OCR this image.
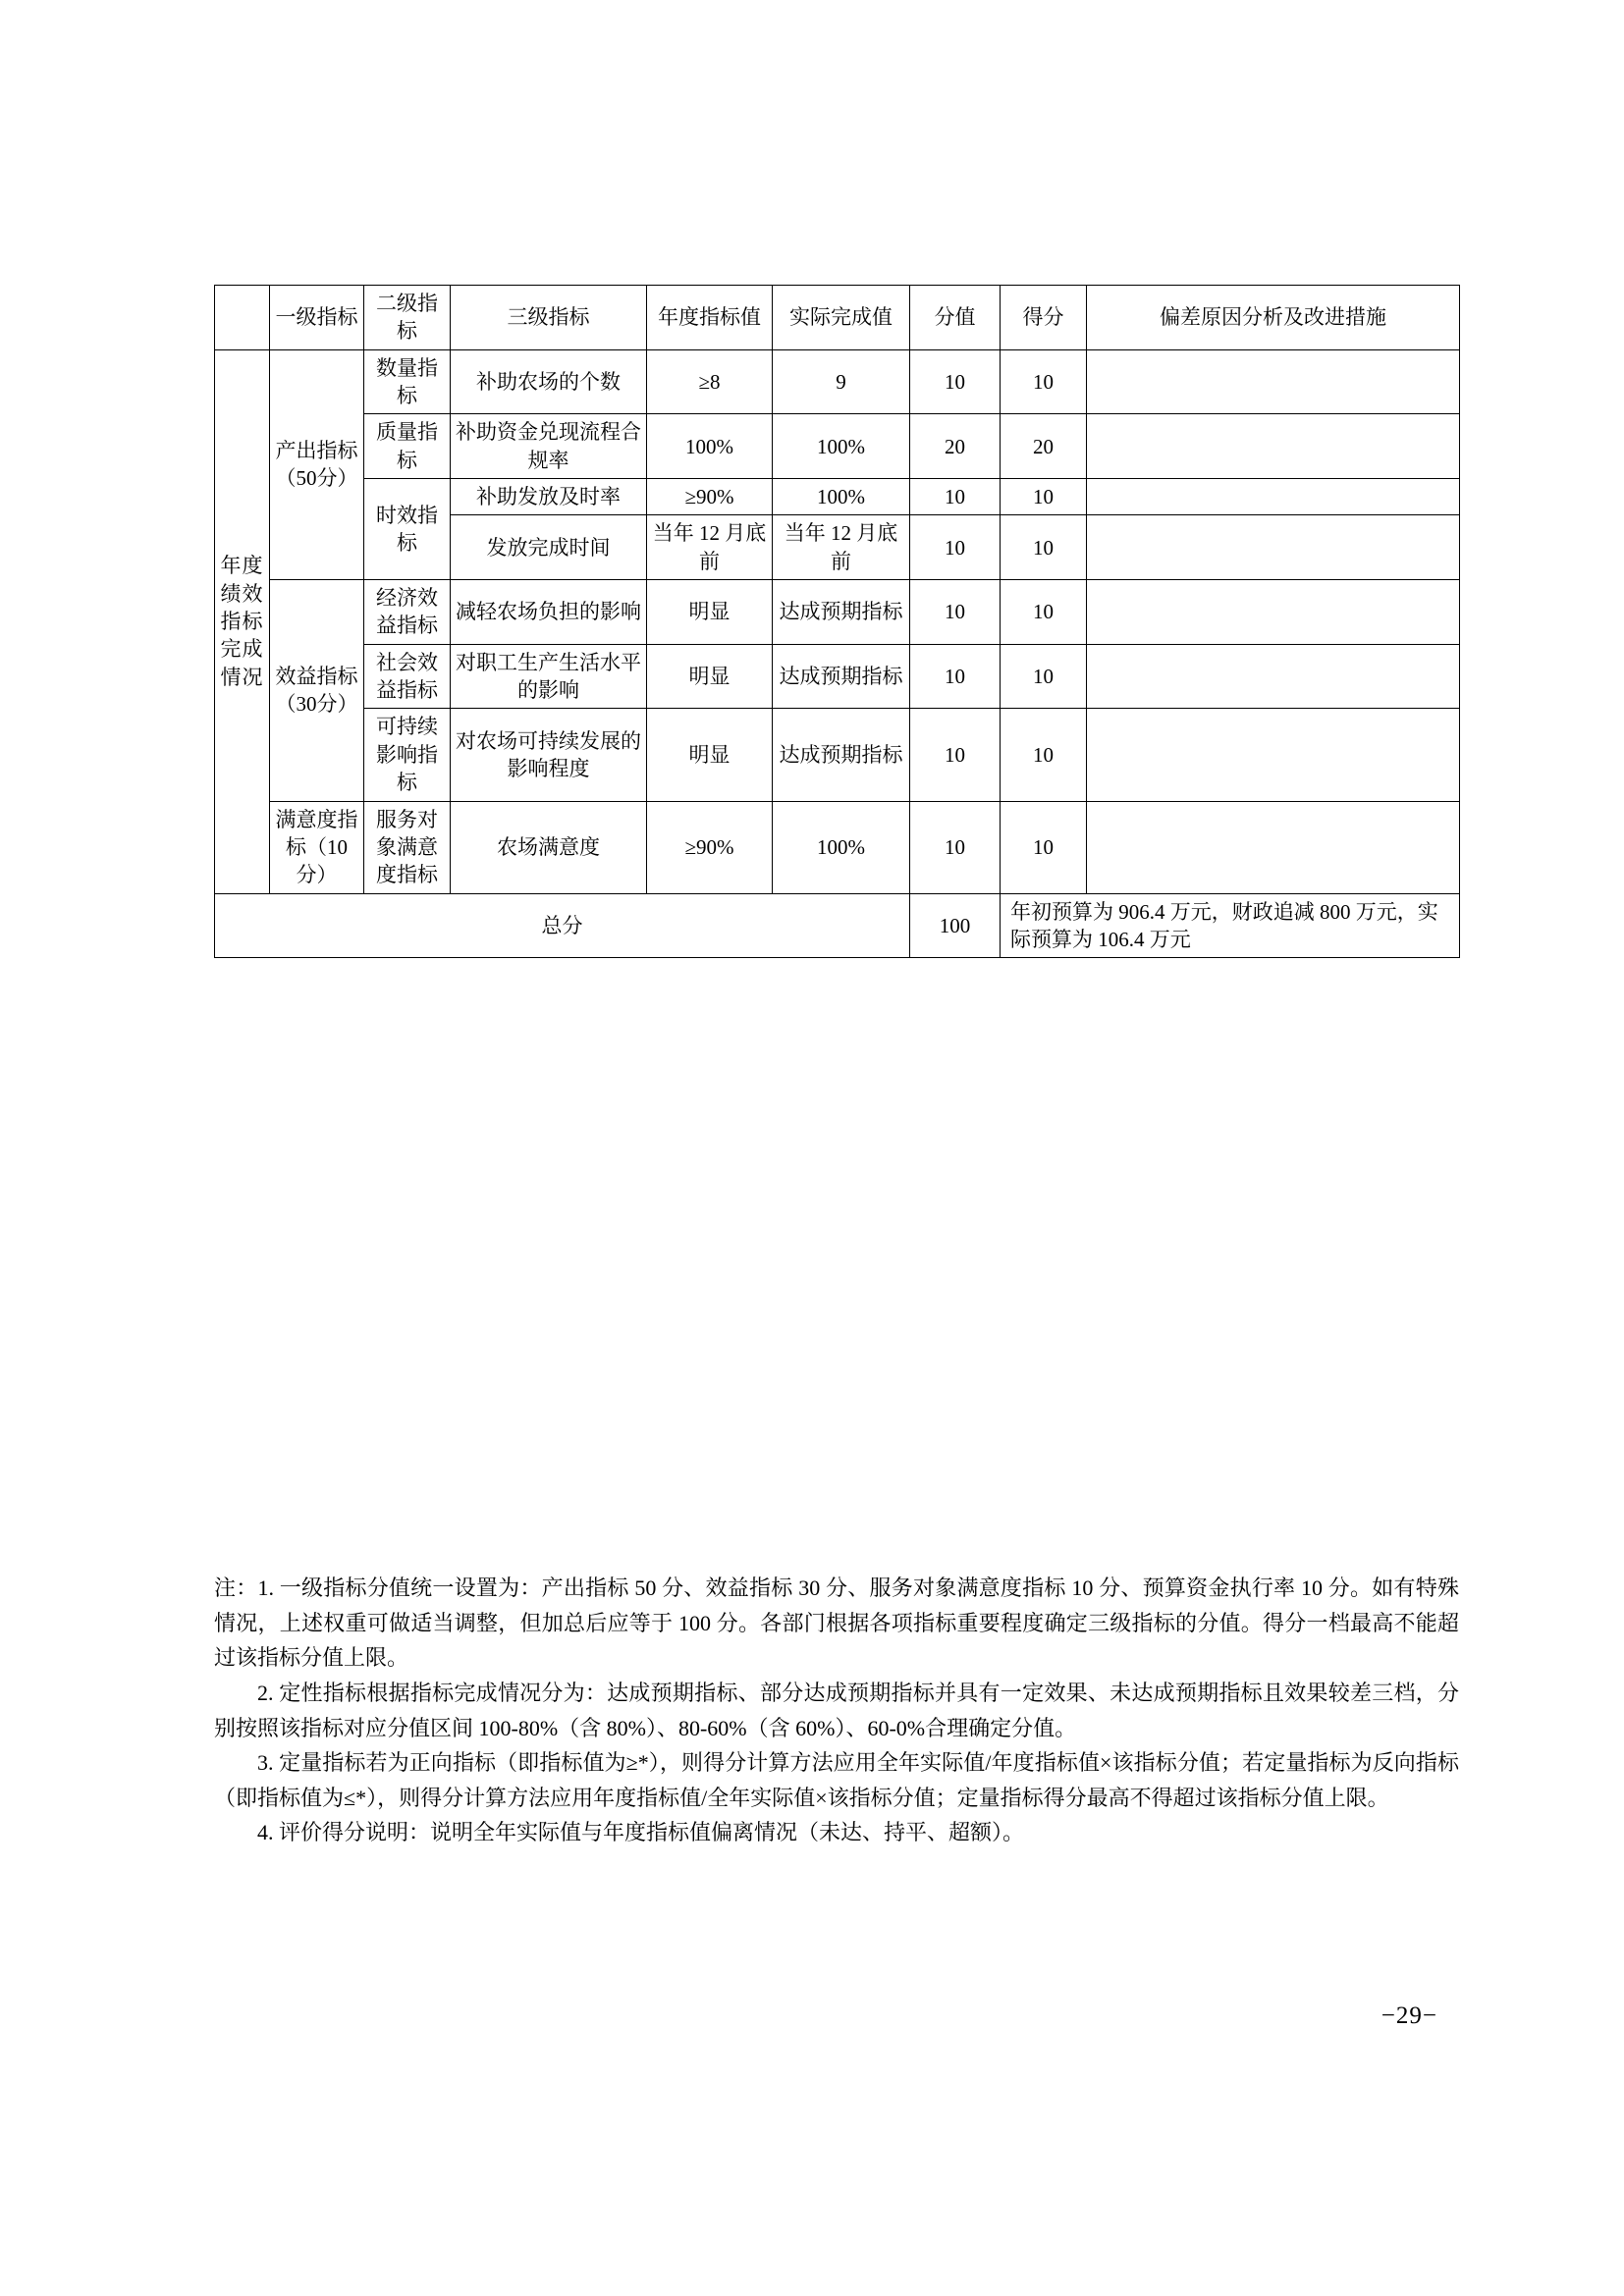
	一级指标	二级指标	三级指标	年度指标值	实际完成值	分值	得分	偏差原因分析及改进措施
年度绩效指标完成情况	产出指标（50分）	数量指标	补助农场的个数	≥8	9	10	10	
		质量指标	补助资金兑现流程合规率	100%	100%	20	20	
		时效指标	补助发放及时率	≥90%	100%	10	10	
			发放完成时间	当年 12 月底前	当年 12 月底前	10	10	
	效益指标（30分）	经济效益指标	减轻农场负担的影响	明显	达成预期指标	10	10	
		社会效益指标	对职工生产生活水平的影响	明显	达成预期指标	10	10	
		可持续影响指标	对农场可持续发展的影响程度	明显	达成预期指标	10	10	
	满意度指标（10分）	服务对象满意度指标	农场满意度	≥90%	100%	10	10	
总分						100	年初预算为 906.4 万元，财政追减 800 万元，实际预算为 106.4 万元	

注：1. 一级指标分值统一设置为：产出指标 50 分、效益指标 30 分、服务对象满意度指标 10 分、预算资金执行率 10 分。如有特殊情况，上述权重可做适当调整，但加总后应等于 100 分。各部门根据各项指标重要程度确定三级指标的分值。得分一档最高不能超过该指标分值上限。

2. 定性指标根据指标完成情况分为：达成预期指标、部分达成预期指标并具有一定效果、未达成预期指标且效果较差三档，分别按照该指标对应分值区间 100-80%（含 80%）、80-60%（含 60%）、60-0%合理确定分值。

3. 定量指标若为正向指标（即指标值为≥*），则得分计算方法应用全年实际值/年度指标值×该指标分值；若定量指标为反向指标（即指标值为≤*），则得分计算方法应用年度指标值/全年实际值×该指标分值；定量指标得分最高不得超过该指标分值上限。

4. 评价得分说明：说明全年实际值与年度指标值偏离情况（未达、持平、超额）。

−29−
